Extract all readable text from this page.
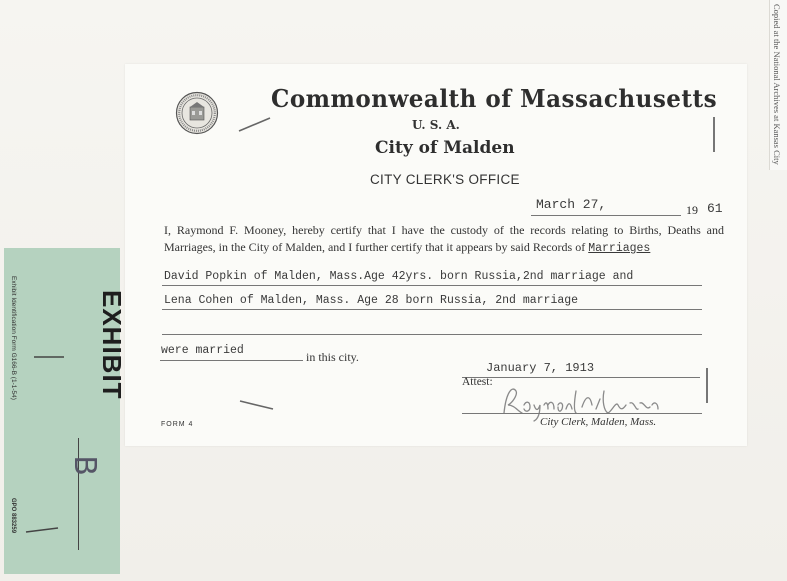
Copied at the National Archives at Kansas City
Commonwealth of Massachusetts
U. S. A.
City of Malden
CITY CLERK'S OFFICE
March 27,	19 61
I, Raymond F. Mooney, hereby certify that I have the custody of the records relating to Births, Deaths and Marriages, in the City of Malden, and I further certify that it appears by said Records of Marriages
David Popkin of Malden, Mass.Age 42yrs. born Russia,2nd marriage and
Lena Cohen of Malden, Mass. Age 28 born Russia, 2nd marriage
were married	in this city.
January 7, 1913
Attest:
City Clerk, Malden, Mass.
FORM 4
Exhibit Identification Form G166-B (1-1-54)	EXHIBIT
B
GPO 883259
